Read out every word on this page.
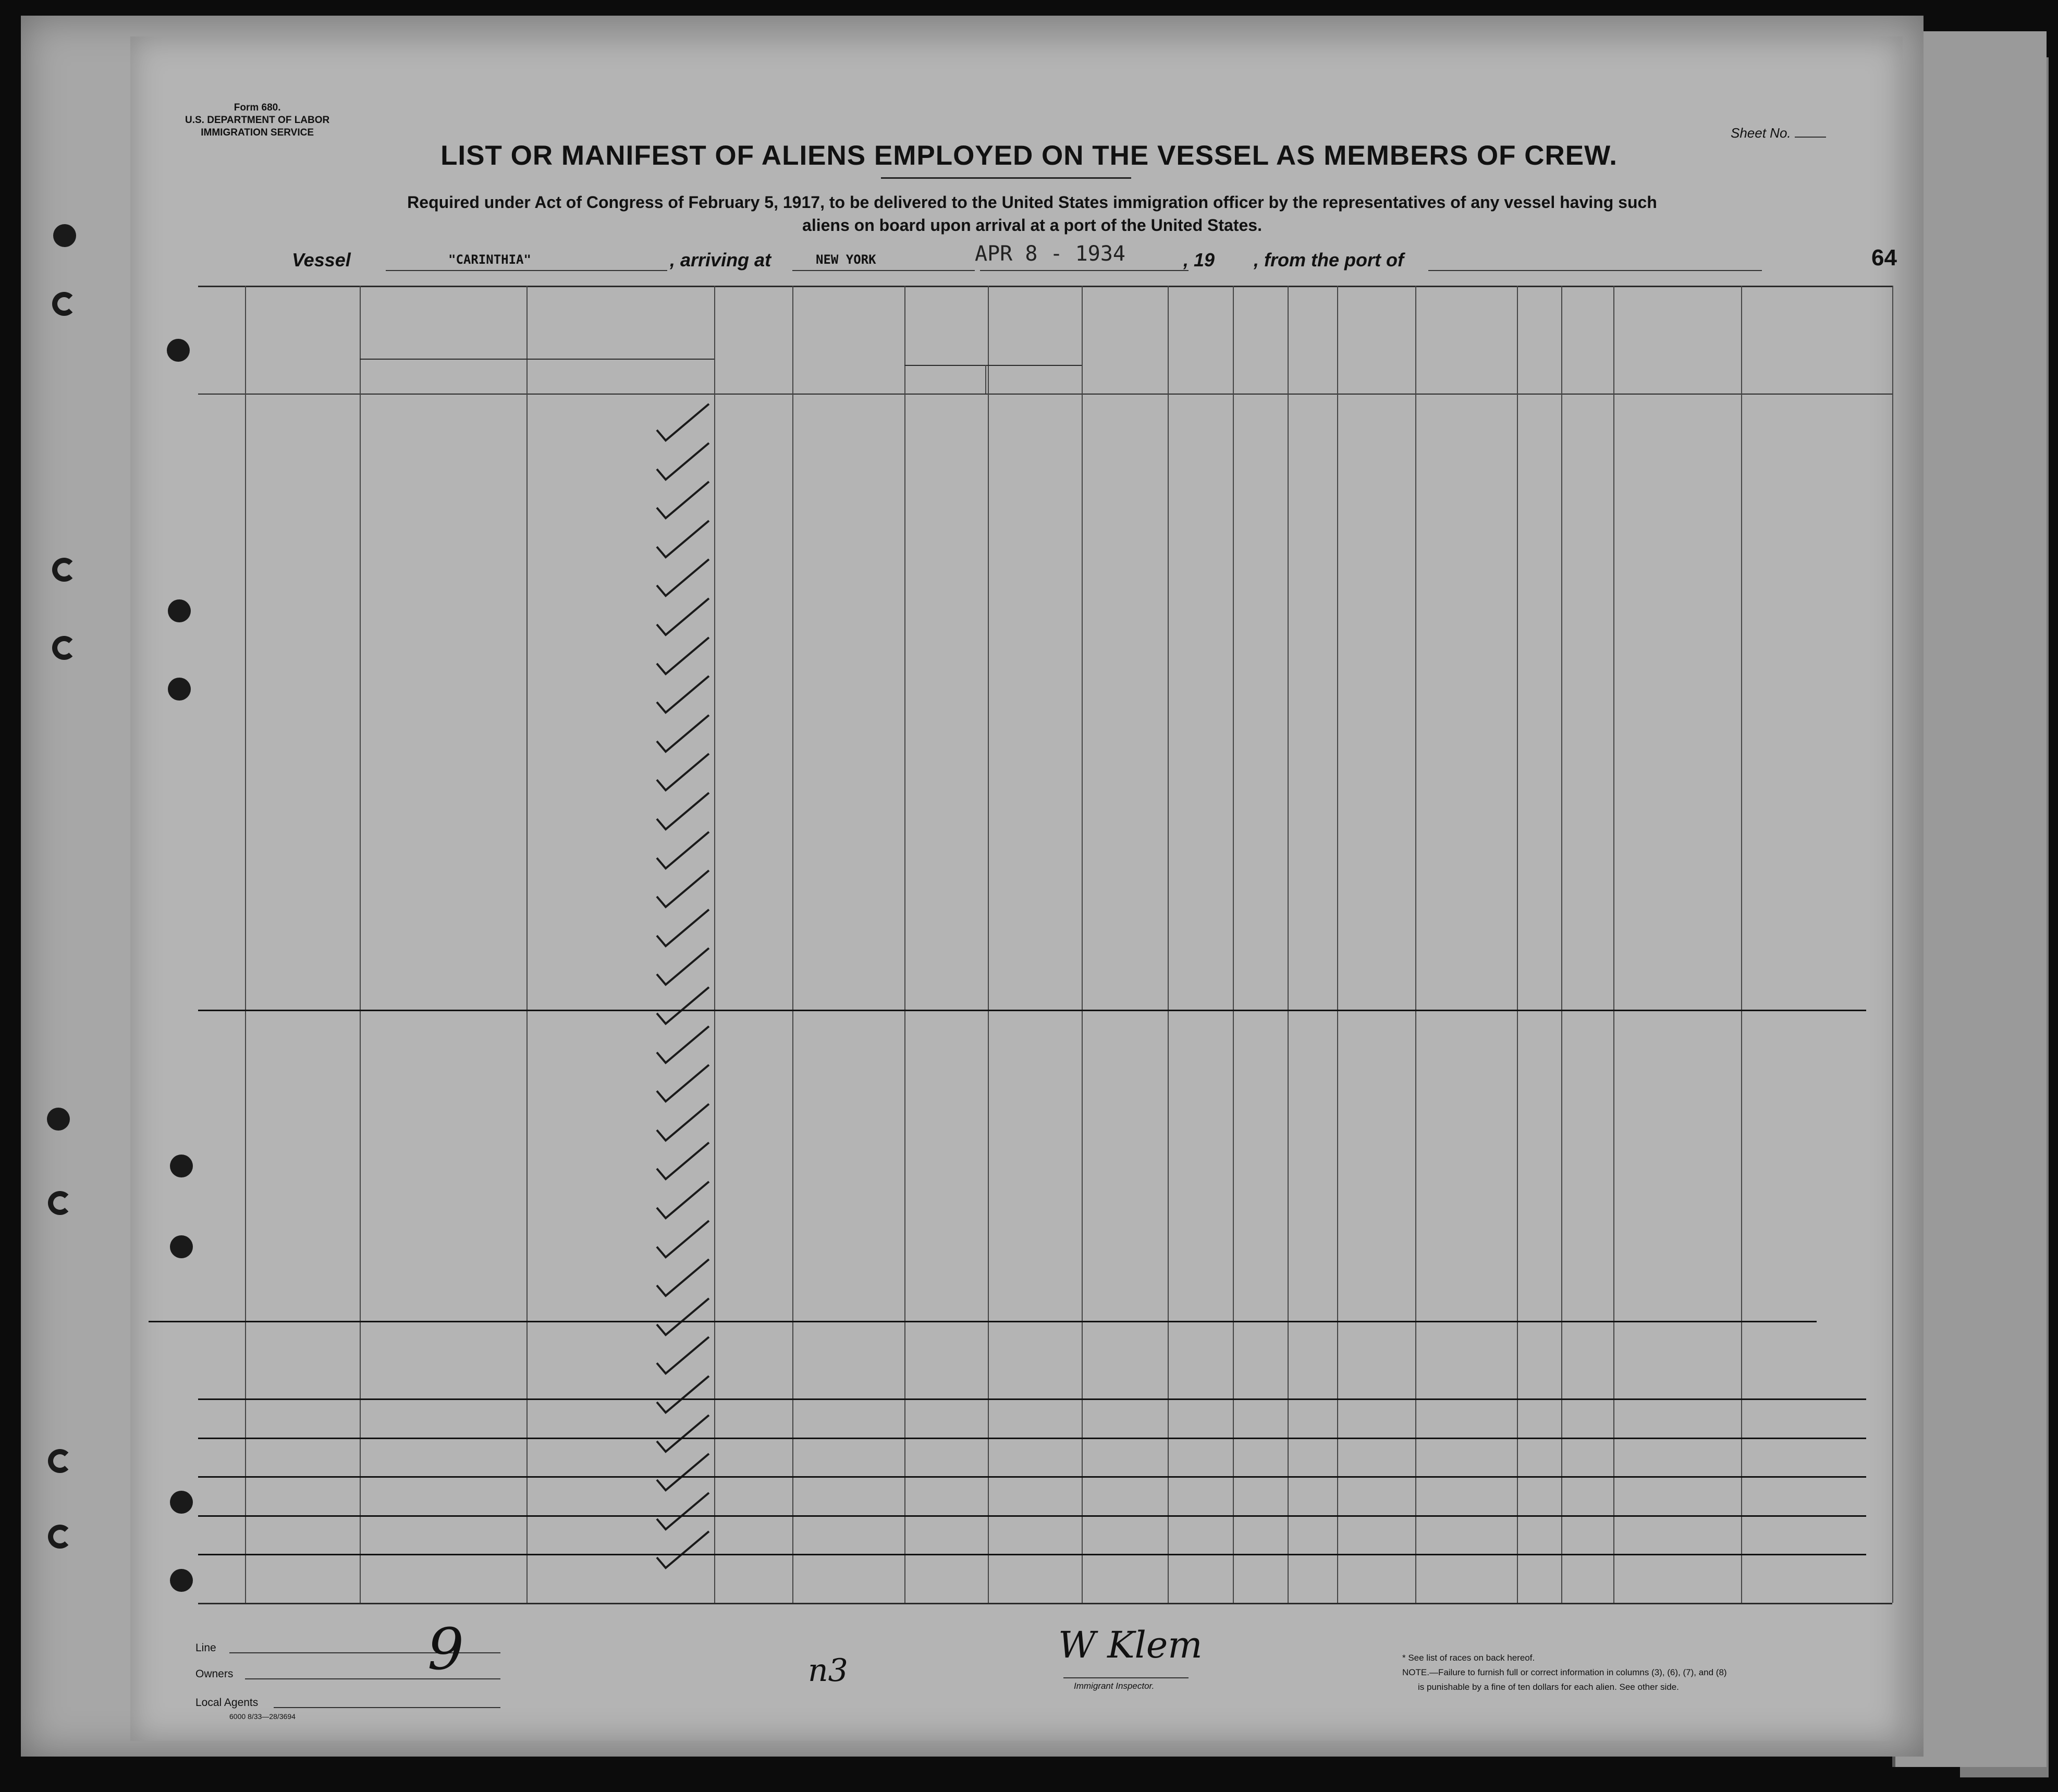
Form 680.
U.S. DEPARTMENT OF LABOR
IMMIGRATION SERVICE	Sheet No.
LIST OR MANIFEST OF ALIENS EMPLOYED ON THE VESSEL AS MEMBERS OF CREW.
Required under Act of Congress of February 5, 1917, to be delivered to the United States immigration officer by the representatives of any vessel having such
aliens on board upon arrival at a port of the United States.
Vessel	"CARINTHIA"	, arriving at	NEW YORK	APR 8 - 1934	, 19 , from the port of	64
Line
Owners
Local Agents
6000 8/33—28/3694
9	n3
W Klem
Immigrant Inspector.
* See list of races on back hereof.
NOTE.—Failure to furnish full or correct information in columns (3), (6), (7), and (8)
is punishable by a fine of ten dollars for each alien. See other side.
